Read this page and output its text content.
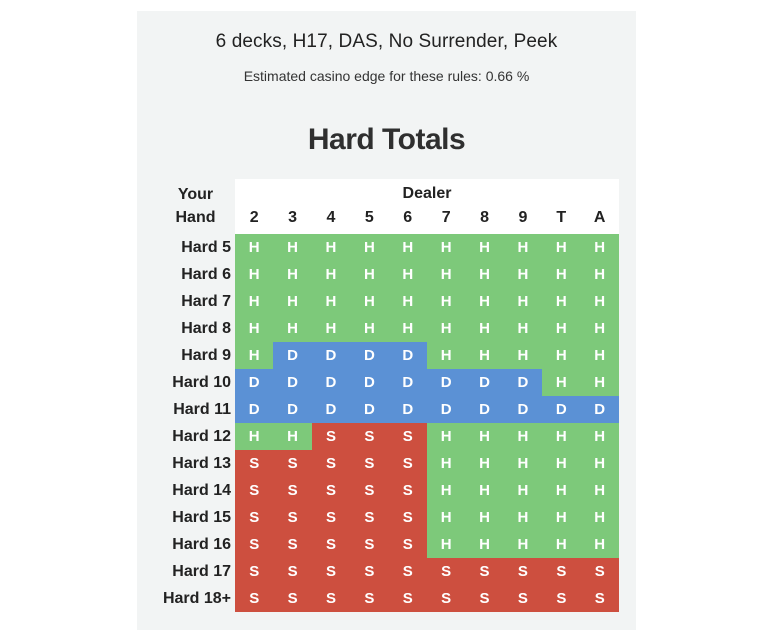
6 decks, H17, DAS, No Surrender, Peek
Estimated casino edge for these rules: 0.66 %
Hard Totals
Your
Hand
Dealer
2	3	4	5	6	7	8	9	T	A
Hard 5	H	H	H	H	H	H	H	H	H	H
Hard 6	H	H	H	H	H	H	H	H	H	H
Hard 7	H	H	H	H	H	H	H	H	H	H
Hard 8	H	H	H	H	H	H	H	H	H	H
Hard 9	H	D	D	D	D	H	H	H	H	H
Hard 10	D	D	D	D	D	D	D	D	H	H
Hard 11	D	D	D	D	D	D	D	D	D	D
Hard 12	H	H	S	S	S	H	H	H	H	H
Hard 13	S	S	S	S	S	H	H	H	H	H
Hard 14	S	S	S	S	S	H	H	H	H	H
Hard 15	S	S	S	S	S	H	H	H	H	H
Hard 16	S	S	S	S	S	H	H	H	H	H
Hard 17	S	S	S	S	S	S	S	S	S	S
Hard 18+	S	S	S	S	S	S	S	S	S	S
